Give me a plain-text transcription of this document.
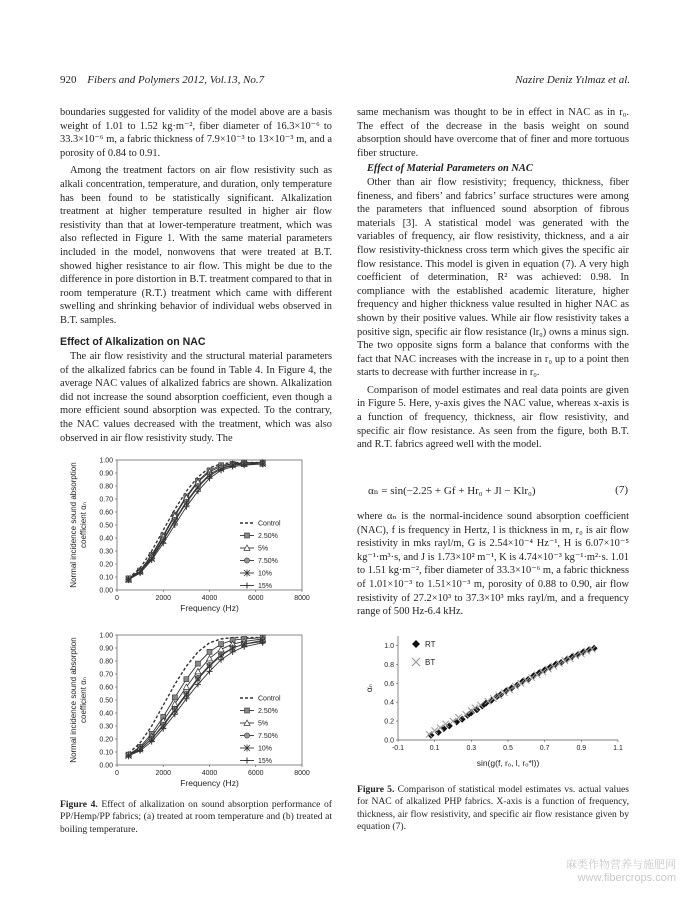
920 Fibers and Polymers 2012, Vol.13, No.7	Nazire Deniz Yılmaz et al.

boundaries suggested for validity of the model above are a basis weight of 1.01 to 1.52 kg·m⁻², fiber diameter of 16.3×10⁻⁶ to 33.3×10⁻⁶ m, a fabric thickness of 7.9×10⁻³ to 13×10⁻³ m, and a porosity of 0.84 to 0.91.

Among the treatment factors on air flow resistivity such as alkali concentration, temperature, and duration, only temperature has been found to be statistically significant. Alkalization treatment at higher temperature resulted in higher air flow resistivity than that at lower-temperature treatment, which was also reflected in Figure 1. With the same material parameters included in the model, nonwovens that were treated at B.T. showed higher resistance to air flow. This might be due to the difference in pore distortion in B.T. treatment compared to that in room temperature (R.T.) treatment which came with different swelling and shrinking behavior of individual webs observed in B.T. samples.

Effect of Alkalization on NAC

The air flow resistivity and the structural material parameters of the alkalized fabrics can be found in Table 4. In Figure 4, the average NAC values of alkalized fabrics are shown. Alkalization did not increase the sound absorption coefficient, even though a more efficient sound absorption was expected. To the contrary, the NAC values decreased with the treatment, which was also observed in air flow resistivity study. The

0.00
0.10
0.20
0.30
0.40
0.50
0.60
0.70
0.80
0.90
1.00
0	2000	4000	6000	8000
Frequency (Hz)
Normal incidence sound absorption coefficient αₙ	Control
2.50%
5%
7.50%
10%
15%
0.00
0.10
0.20
0.30
0.40
0.50
0.60
0.70
0.80
0.90
1.00
0	2000	4000	6000	8000
Frequency (Hz)
Normal incidence sound absorption coefficient αₙ	Control
2.50%
5%
7.50%
10%
15%
Figure 4. Effect of alkalization on sound absorption performance of PP/Hemp/PP fabrics; (a) treated at room temperature and (b) treated at boiling temperature.

same mechanism was thought to be in effect in NAC as in r₀. The effect of the decrease in the basis weight on sound absorption should have overcome that of finer and more tortuous fiber structure.

Effect of Material Parameters on NAC

Other than air flow resistivity; frequency, thickness, fiber fineness, and fibers’ and fabrics’ surface structures were among the parameters that influenced sound absorption of fibrous materials [3]. A statistical model was generated with the variables of frequency, air flow resistivity, thickness, and a air flow resistivity-thickness cross term which gives the specific air flow resistance. This model is given in equation (7). A very high coefficient of determination, R² was achieved: 0.98. In compliance with the established academic literature, higher frequency and higher thickness value resulted in higher NAC as shown by their positive values. While air flow resistivity takes a positive sign, specific air flow resistance (lr₀) owns a minus sign. The two opposite signs form a balance that conforms with the fact that NAC increases with the increase in r₀ up to a point then starts to decrease with further increase in r₀.

Comparison of model estimates and real data points are given in Figure 5. Here, y-axis gives the NAC value, whereas x-axis is a function of frequency, thickness, air flow resistivity, and specific air flow resistance. As seen from the figure, both B.T. and R.T. fabrics agreed well with the model.

αₙ = sin(−2.25 + Gf + Hr₀ + Jl − Klr₀)	(7)

where αₙ is the normal-incidence sound absorption coefficient (NAC), f is frequency in Hertz, l is thickness in m, r₀ is air flow resistivity in mks rayl/m, G is 2.54×10⁻⁴ Hz⁻¹, H is 6.07×10⁻⁵ kg⁻¹·m³·s, and J is 1.73×10² m⁻¹, K is 4.74×10⁻³ kg⁻¹·m²·s. 1.01 to 1.51 kg·m⁻², fiber diameter of 33.3×10⁻⁶ m, a fabric thickness of 1.01×10⁻³ to 1.51×10⁻³ m, porosity of 0.88 to 0.90, air flow resistivity of 27.2×10³ to 37.3×10³ mks rayl/m, and a frequency range of 500 Hz-6.4 kHz.

0.0
0.2
0.4
0.6
0.8
1.0
-0.1	0.1	0.3	0.5	0.7	0.9	1.1
sin(g(f, rₒ, l, rₒ*l))
αₙ
RT
BT
Figure 5. Comparison of statistical model estimates vs. actual values for NAC of alkalized PHP fabrics. X-axis is a function of frequency, thickness, air flow resistivity, and specific air flow resistance given by equation (7).
麻类作物营养与施肥网
www.fibercrops.com
